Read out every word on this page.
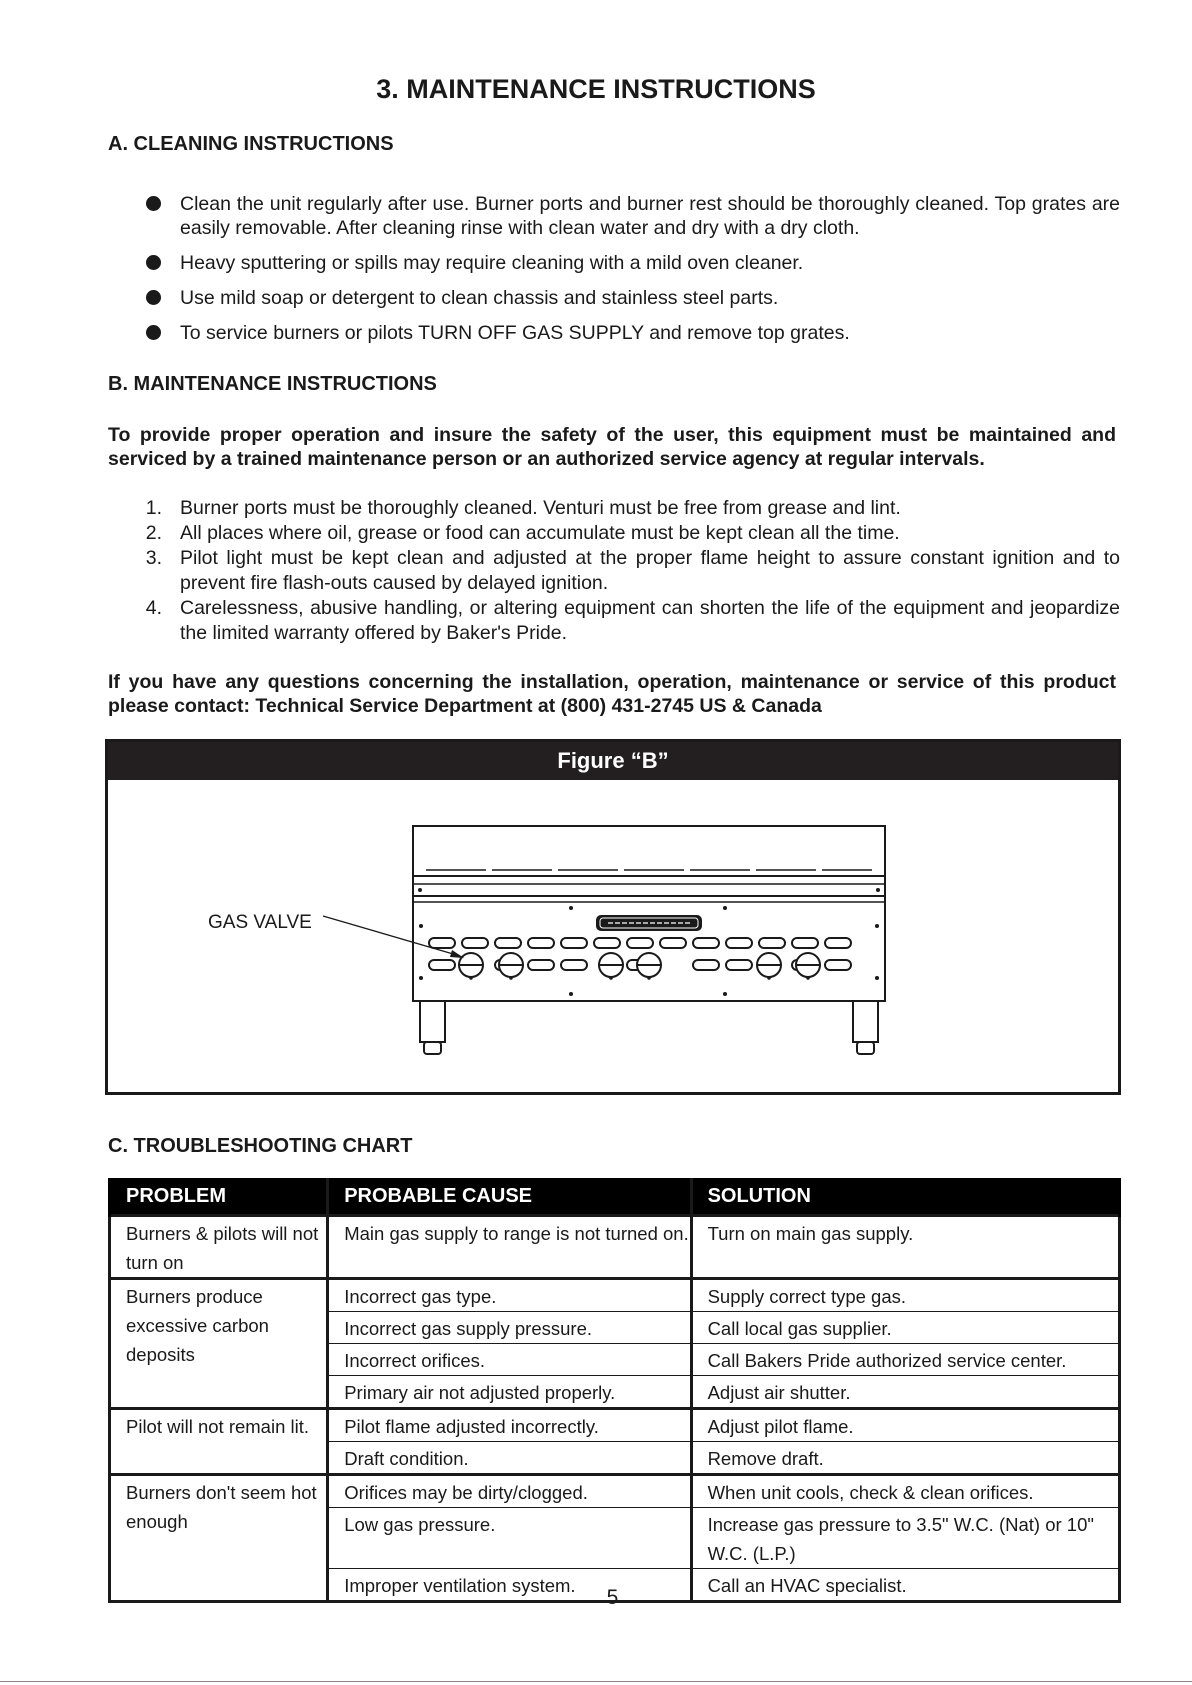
3. MAINTENANCE INSTRUCTIONS
A. CLEANING INSTRUCTIONS
Clean the unit regularly after use. Burner ports and burner rest should be thoroughly cleaned. Top grates are easily removable. After cleaning rinse with clean water and dry with a dry cloth.
Heavy sputtering or spills may require cleaning with a mild oven cleaner.
Use mild soap or detergent to clean chassis and stainless steel parts.
To service burners or pilots TURN OFF GAS SUPPLY and remove top grates.
B. MAINTENANCE INSTRUCTIONS
To provide proper operation and insure the safety of the user, this equipment must be maintained and serviced by a trained maintenance person or an authorized service agency at regular intervals.
1. Burner ports must be thoroughly cleaned. Venturi must be free from grease and lint.
2. All places where oil, grease or food can accumulate must be kept clean all the time.
3. Pilot light must be kept clean and adjusted at the proper flame height to assure constant ignition and to prevent fire flash-outs caused by delayed ignition.
4. Carelessness, abusive handling, or altering equipment can shorten the life of the equipment and jeopardize the limited warranty offered by Baker's Pride.
If you have any questions concerning the installation, operation, maintenance or service of this product please contact: Technical Service Department at (800) 431-2745 US & Canada
Figure “B”
GAS VALVE
C. TROUBLESHOOTING CHART
PROBLEM	PROBABLE CAUSE	SOLUTION
Burners & pilots will not turn on	Main gas supply to range is not turned on.	Turn on main gas supply.
Burners produce excessive carbon deposits	Incorrect gas type.	Supply correct type gas.
	Incorrect gas supply pressure.	Call local gas supplier.
	Incorrect orifices.	Call Bakers Pride authorized service center.
	Primary air not adjusted properly.	Adjust air shutter.
Pilot will not remain lit.	Pilot flame adjusted incorrectly.	Adjust pilot flame.
	Draft condition.	Remove draft.
Burners don't seem hot enough	Orifices may be dirty/clogged.	When unit cools, check & clean orifices.
	Low gas pressure.	Increase gas pressure to 3.5" W.C. (Nat) or 10" W.C. (L.P.)
	Improper ventilation system.	Call an HVAC specialist.
5
